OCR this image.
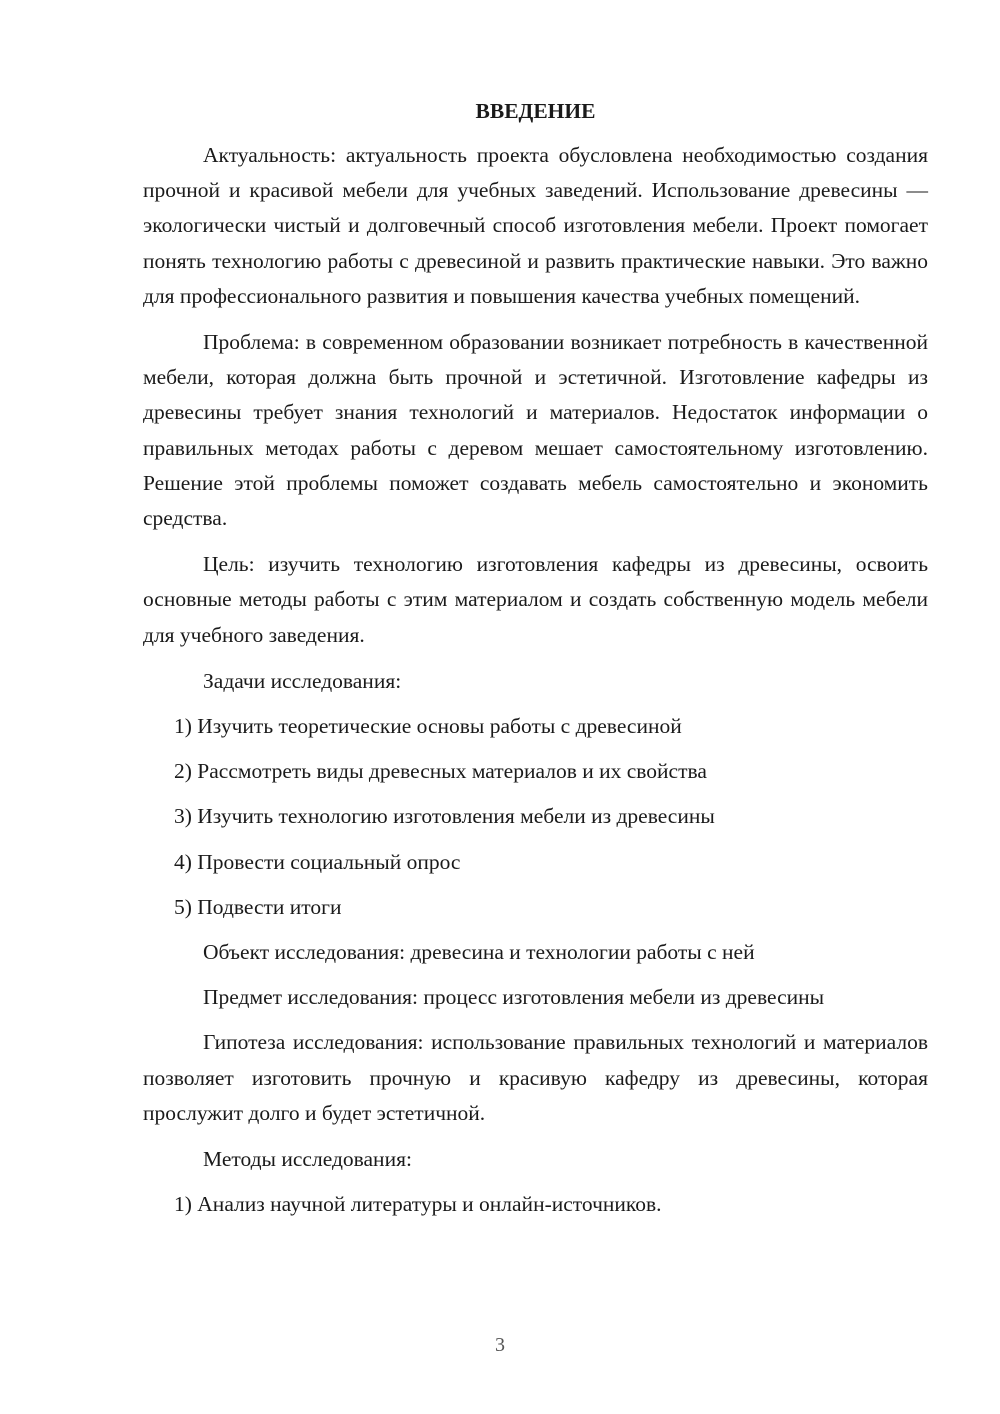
ВВЕДЕНИЕ

Актуальность: актуальность проекта обусловлена необходимостью создания прочной и красивой мебели для учебных заведений. Использование древесины — экологически чистый и долговечный способ изготовления мебели. Проект помогает понять технологию работы с древесиной и развить практические навыки. Это важно для профессионального развития и повышения качества учебных помещений.

Проблема: в современном образовании возникает потребность в качественной мебели, которая должна быть прочной и эстетичной. Изготовление кафедры из древесины требует знания технологий и материалов. Недостаток информации о правильных методах работы с деревом мешает самостоятельному изготовлению. Решение этой проблемы поможет создавать мебель самостоятельно и экономить средства.

Цель: изучить технологию изготовления кафедры из древесины, освоить основные методы работы с этим материалом и создать собственную модель мебели для учебного заведения.

Задачи исследования:

1) Изучить теоретические основы работы с древесиной

2) Рассмотреть виды древесных материалов и их свойства

3) Изучить технологию изготовления мебели из древесины

4) Провести социальный опрос

5) Подвести итоги

Объект исследования: древесина и технологии работы с ней

Предмет исследования: процесс изготовления мебели из древесины

Гипотеза исследования: использование правильных технологий и материалов позволяет изготовить прочную и красивую кафедру из древесины, которая прослужит долго и будет эстетичной.

Методы исследования:

1) Анализ научной литературы и онлайн-источников.

3
